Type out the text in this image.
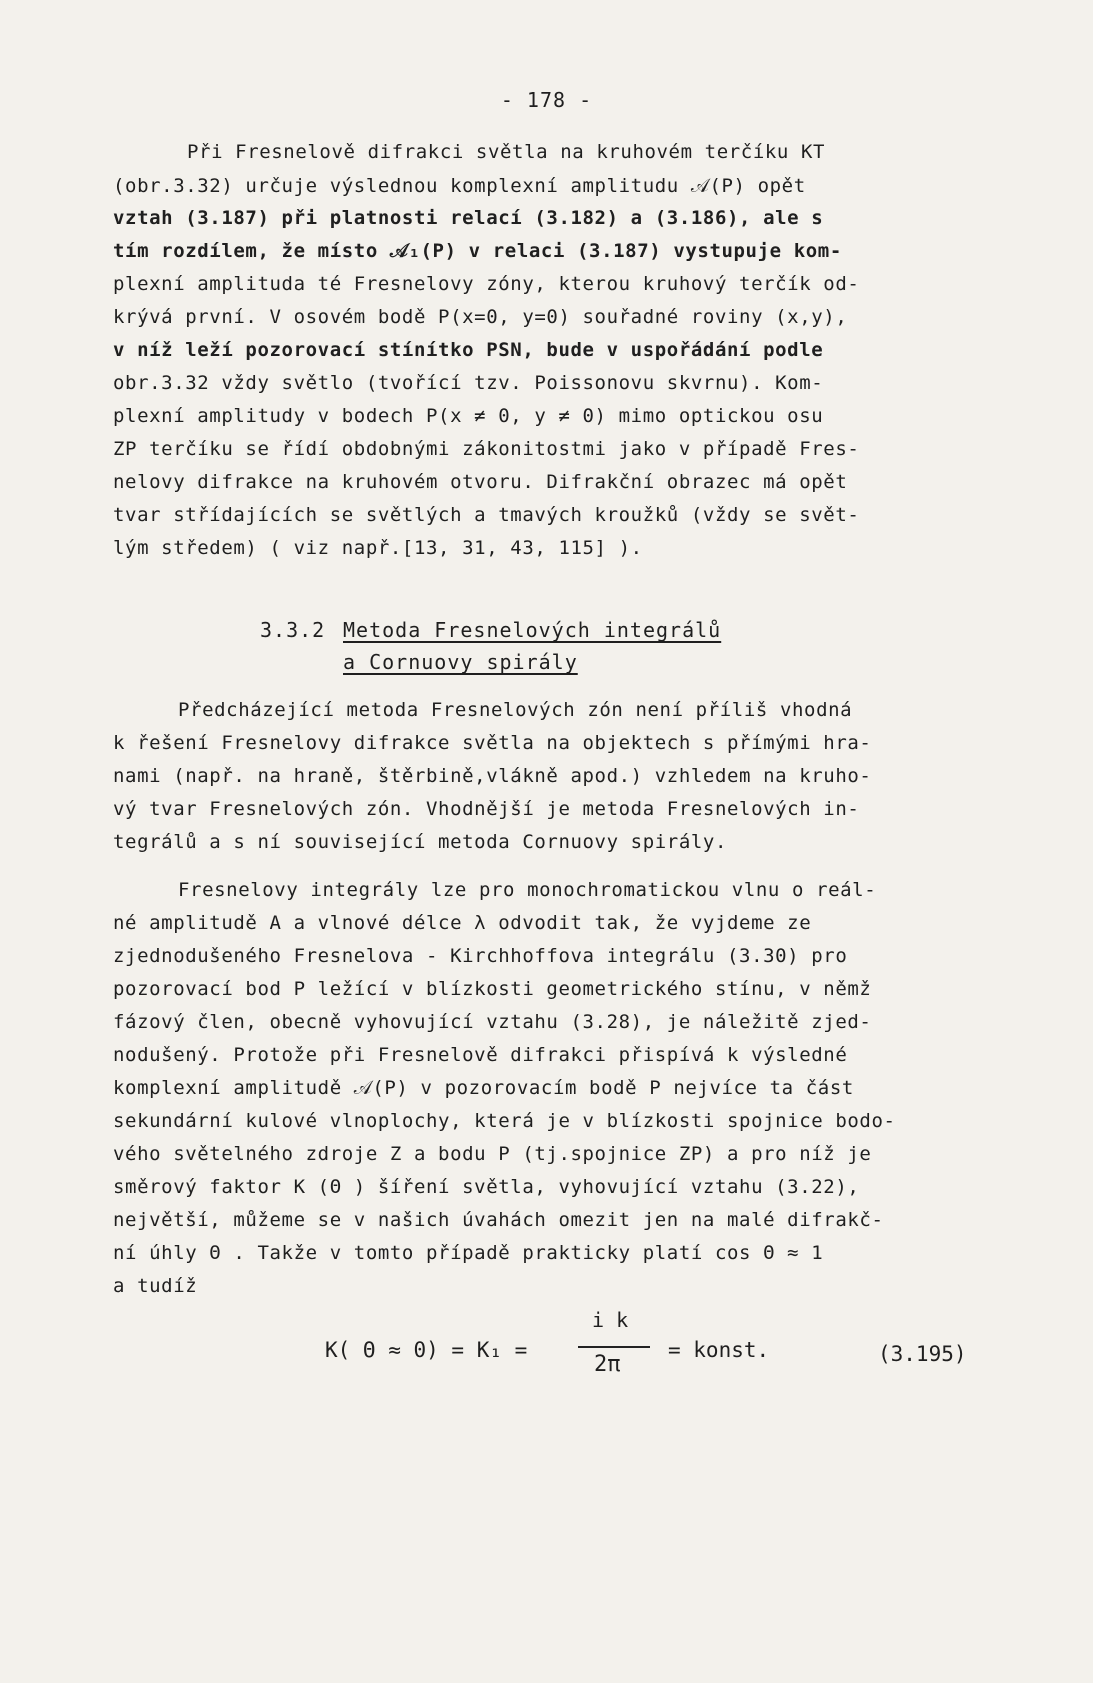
- 178 -
Při Fresnelově difrakci světla na kruhovém terčíku KT
(obr.3.32) určuje výslednou komplexní amplitudu 𝒜(P) opět
vztah (3.187) při platnosti relací (3.182) a (3.186), ale s
tím rozdílem, že místo 𝒜₁(P) v relaci (3.187) vystupuje kom-
plexní amplituda té Fresnelovy zóny, kterou kruhový terčík od-
krývá první. V osovém bodě P(x=0, y=0) souřadné roviny (x,y),
v níž leží pozorovací stínítko PSN, bude v uspořádání podle
obr.3.32 vždy světlo (tvořící tzv. Poissonovu skvrnu). Kom-
plexní amplitudy v bodech P(x ≠ 0, y ≠ 0) mimo optickou osu
ZP terčíku se řídí obdobnými zákonitostmi jako v případě Fres-
nelovy difrakce na kruhovém otvoru. Difrakční obrazec má opět
tvar střídajících se světlých a tmavých kroužků (vždy se svět-
lým středem) ( viz např.[13, 31, 43, 115] ).
3.3.2 Metoda Fresnelových integrálů
a Cornuovy spirály
Předcházející metoda Fresnelových zón není příliš vhodná
k řešení Fresnelovy difrakce světla na objektech s přímými hra-
nami (např. na hraně, štěrbině,vlákně apod.) vzhledem na kruho-
vý tvar Fresnelových zón. Vhodnější je metoda Fresnelových in-
tegrálů a s ní související metoda Cornuovy spirály.
Fresnelovy integrály lze pro monochromatickou vlnu o reál-
né amplitudě A a vlnové délce λ odvodit tak, že vyjdeme ze
zjednodušeného Fresnelova - Kirchhoffova integrálu (3.30) pro
pozorovací bod P ležící v blízkosti geometrického stínu, v němž
fázový člen, obecně vyhovující vztahu (3.28), je náležitě zjed-
nodušený. Protože při Fresnelově difrakci přispívá k výsledné
komplexní amplitudě 𝒜(P) v pozorovacím bodě P nejvíce ta část
sekundární kulové vlnoplochy, která je v blízkosti spojnice bodo-
vého světelného zdroje Z a bodu P (tj.spojnice ZP) a pro níž je
směrový faktor K (Θ ) šíření světla, vyhovující vztahu (3.22),
největší, můžeme se v našich úvahách omezit jen na malé difrakč-
ní úhly Θ . Takže v tomto případě prakticky platí cos Θ ≈ 1
a tudíž
K( Θ ≈ 0) = K₁ =
i k
2π
= konst.	(3.195)
